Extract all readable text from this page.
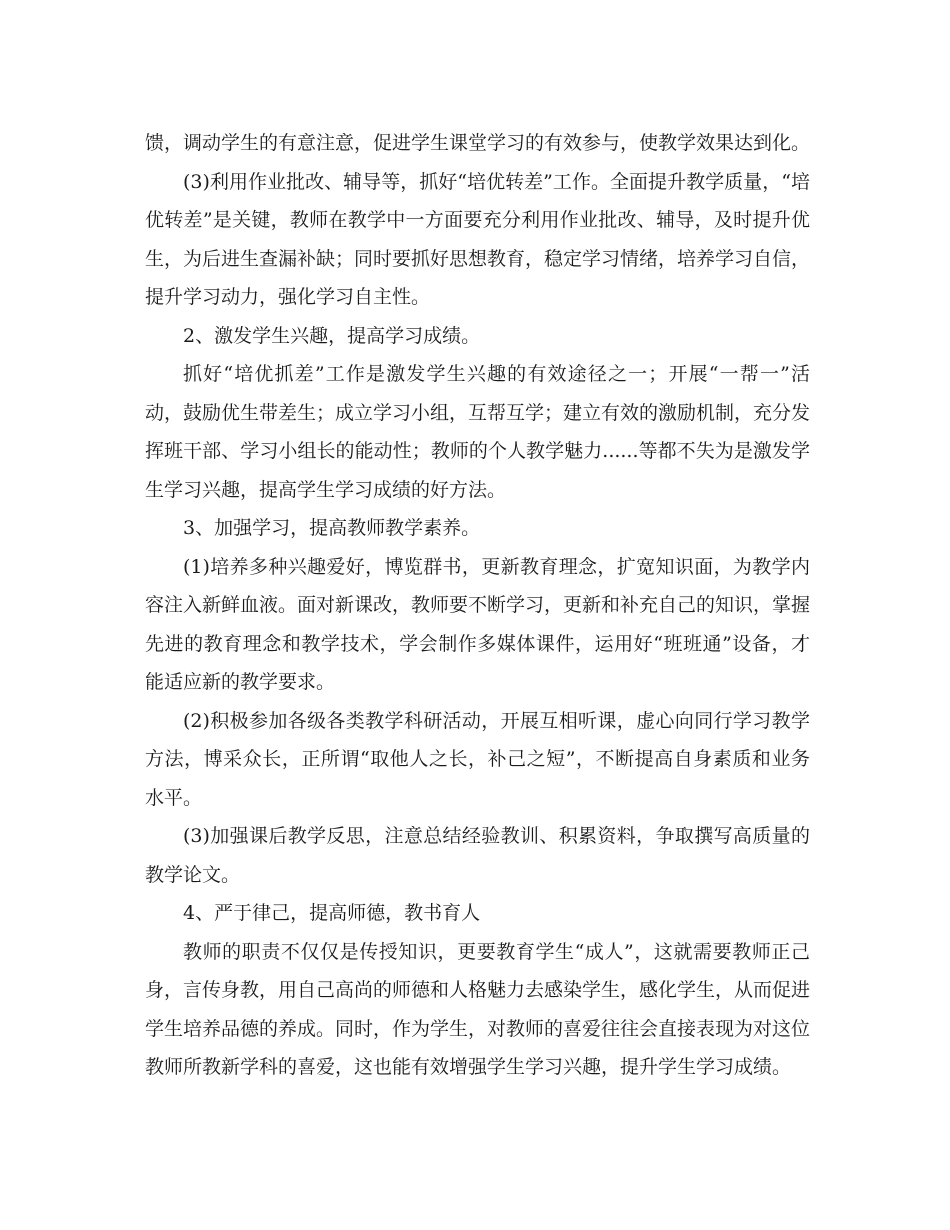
馈，调动学生的有意注意，促进学生课堂学习的有效参与，使教学效果达到化。

(3)利用作业批改、辅导等，抓好“培优转差”工作。全面提升教学质量，“培优转差”是关键，教师在教学中一方面要充分利用作业批改、辅导，及时提升优生，为后进生查漏补缺；同时要抓好思想教育，稳定学习情绪，培养学习自信，提升学习动力，强化学习自主性。

2、激发学生兴趣，提高学习成绩。

抓好“培优抓差”工作是激发学生兴趣的有效途径之一；开展“一帮一”活动，鼓励优生带差生；成立学习小组，互帮互学；建立有效的激励机制，充分发挥班干部、学习小组长的能动性；教师的个人教学魅力......等都不失为是激发学生学习兴趣，提高学生学习成绩的好方法。

3、加强学习，提高教师教学素养。

(1)培养多种兴趣爱好，博览群书，更新教育理念，扩宽知识面，为教学内容注入新鲜血液。面对新课改，教师要不断学习，更新和补充自己的知识，掌握先进的教育理念和教学技术，学会制作多媒体课件，运用好“班班通”设备，才能适应新的教学要求。

(2)积极参加各级各类教学科研活动，开展互相听课，虚心向同行学习教学方法，博采众长，正所谓“取他人之长，补己之短”，不断提高自身素质和业务水平。

(3)加强课后教学反思，注意总结经验教训、积累资料，争取撰写高质量的教学论文。

4、严于律己，提高师德，教书育人

教师的职责不仅仅是传授知识，更要教育学生“成人”，这就需要教师正己身，言传身教，用自己高尚的师德和人格魅力去感染学生，感化学生，从而促进学生培养品德的养成。同时，作为学生，对教师的喜爱往往会直接表现为对这位教师所教新学科的喜爱，这也能有效增强学生学习兴趣，提升学生学习成绩。
